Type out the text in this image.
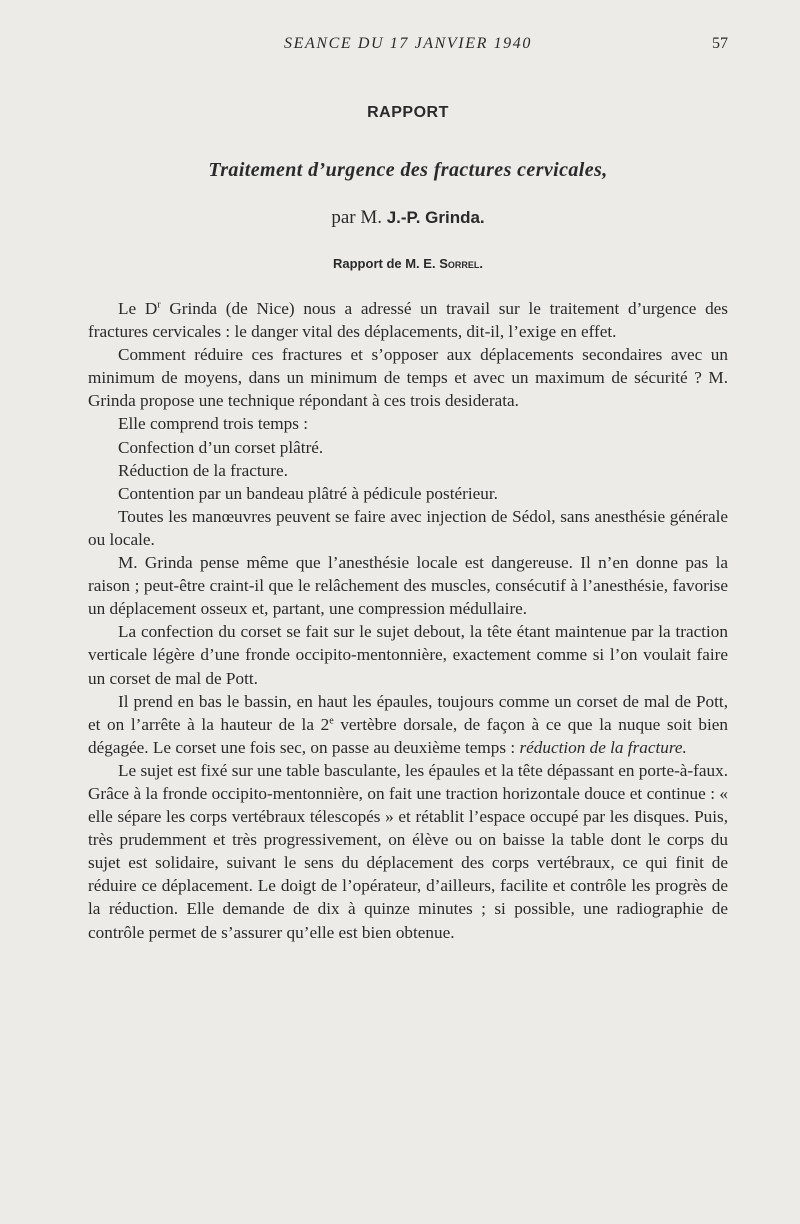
SEANCE DU 17 JANVIER 1940	57
RAPPORT
Traitement d’urgence des fractures cervicales,
par M. J.-P. Grinda.
Rapport de M. E. Sorrel.

Le $D^r$ Grinda (de Nice) nous a adressé un travail sur le traitement d’urgence des fractures cervicales : le danger vital des déplacements, dit-il, l’exige en effet.

Comment réduire ces fractures et s’opposer aux déplacements secondaires avec un minimum de moyens, dans un minimum de temps et avec un maximum de sécurité ? M. Grinda propose une technique répondant à ces trois desiderata.

Elle comprend trois temps :

Confection d’un corset plâtré.

Réduction de la fracture.

Contention par un bandeau plâtré à pédicule postérieur.

Toutes les manœuvres peuvent se faire avec injection de Sédol, sans anesthésie générale ou locale.

M. Grinda pense même que l’anesthésie locale est dangereuse. Il n’en donne pas la raison ; peut-être craint-il que le relâchement des muscles, consécutif à l’anesthésie, favorise un déplacement osseux et, partant, une compression médullaire.

La confection du corset se fait sur le sujet debout, la tête étant maintenue par la traction verticale légère d’une fronde occipito-mentonnière, exactement comme si l’on voulait faire un corset de mal de Pott.

Il prend en bas le bassin, en haut les épaules, toujours comme un corset de mal de Pott, et on l’arrête à la hauteur de la 2e vertèbre dorsale, de façon à ce que la nuque soit bien dégagée. Le corset une fois sec, on passe au deuxième temps : réduction de la fracture.

Le sujet est fixé sur une table basculante, les épaules et la tête dépassant en porte-à-faux. Grâce à la fronde occipito-mentonnière, on fait une traction horizontale douce et continue : « elle sépare les corps vertébraux télescopés » et rétablit l’espace occupé par les disques. Puis, très prudemment et très progressivement, on élève ou on baisse la table dont le corps du sujet est solidaire, suivant le sens du déplacement des corps vertébraux, ce qui finit de réduire ce déplacement. Le doigt de l’opérateur, d’ailleurs, facilite et contrôle les progrès de la réduction. Elle demande de dix à quinze minutes ; si possible, une radiographie de contrôle permet de s’assurer qu’elle est bien obtenue.
